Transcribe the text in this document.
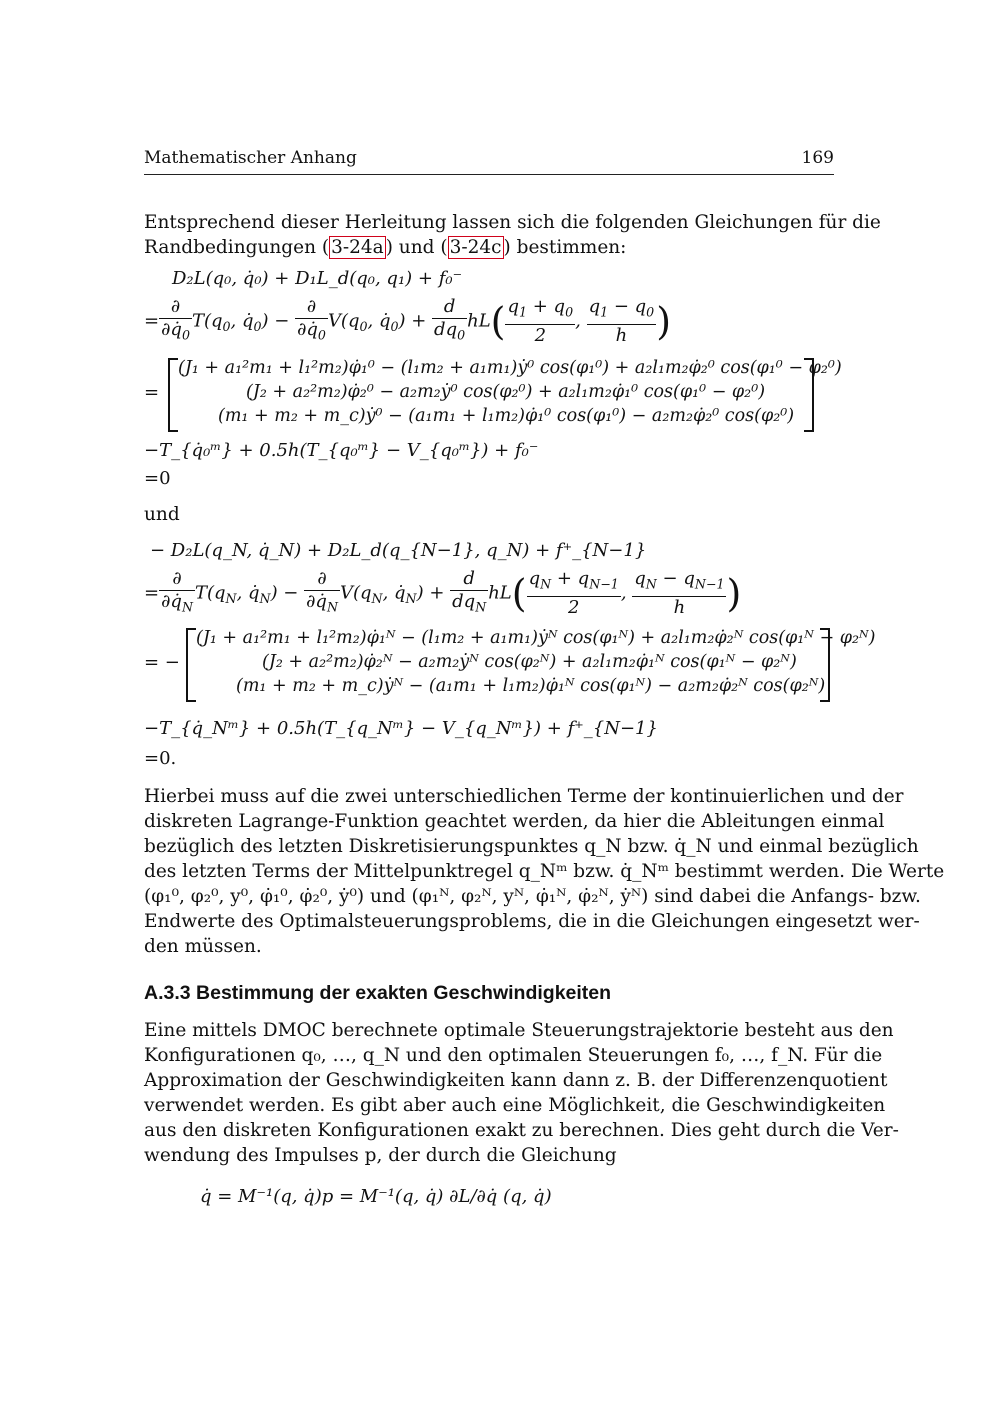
Mathematischer Anhang	169
Entsprechend dieser Herleitung lassen sich die folgenden Gleichungen für die
Randbedingungen ( 3-24a ) und ( 3-24c ) bestimmen:
D₂L(q₀, q̇₀) + D₁L_d(q₀, q₁) + f₀⁻
= $\frac{\partial}{\partial q̇_0} T(q_0$, $q̇_0) - \frac{\partial}{\partial q̇_0} V(q_0$, $q̇_0) + \frac{d}{dq_0} hL( \frac{q_1 + q_0}{2}$ , $\frac{q_1 - q_0}{h}$ )
=
(J₁ + a₁²m₁ + l₁²m₂)φ̇₁⁰ − (l₁m₂ + a₁m₁)ẏ⁰ cos(φ₁⁰) + a₂l₁m₂φ̇₂⁰ cos(φ₁⁰ − φ₂⁰)
(J₂ + a₂²m₂)φ̇₂⁰ − a₂m₂ẏ⁰ cos(φ₂⁰) + a₂l₁m₂φ̇₁⁰ cos(φ₁⁰ − φ₂⁰)
(m₁ + m₂ + m_c)ẏ⁰ − (a₁m₁ + l₁m₂)φ̇₁⁰ cos(φ₁⁰) − a₂m₂φ̇₂⁰ cos(φ₂⁰)
−T_{q̇₀ᵐ} + 0.5h(T_{q₀ᵐ} − V_{q₀ᵐ}) + f₀⁻
=0
und
− D₂L(q_N, q̇_N) + D₂L_d(q_{N−1}, q_N) + f⁺_{N−1}
= $\frac{\partial}{\partial q̇_N} T(q_N$, $q̇_N) - \frac{\partial}{\partial q̇_N} V(q_N$, $q̇_N) + \frac{d}{dq_N} hL( \frac{q_N + q_{N-1}}{2}$ , $\frac{q_N - q_{N-1}}{h}$ )
= −
(J₁ + a₁²m₁ + l₁²m₂)φ̇₁ᴺ − (l₁m₂ + a₁m₁)ẏᴺ cos(φ₁ᴺ) + a₂l₁m₂φ̇₂ᴺ cos(φ₁ᴺ − φ₂ᴺ)
(J₂ + a₂²m₂)φ̇₂ᴺ − a₂m₂ẏᴺ cos(φ₂ᴺ) + a₂l₁m₂φ̇₁ᴺ cos(φ₁ᴺ − φ₂ᴺ)
(m₁ + m₂ + m_c)ẏᴺ − (a₁m₁ + l₁m₂)φ̇₁ᴺ cos(φ₁ᴺ) − a₂m₂φ̇₂ᴺ cos(φ₂ᴺ)
−T_{q̇_Nᵐ} + 0.5h(T_{q_Nᵐ} − V_{q_Nᵐ}) + f⁺_{N−1}
=0.
Hierbei muss auf die zwei unterschiedlichen Terme der kontinuierlichen und der
diskreten Lagrange-Funktion geachtet werden, da hier die Ableitungen einmal
bezüglich des letzten Diskretisierungspunktes q_N bzw. q̇_N und einmal bezüglich
des letzten Terms der Mittelpunktregel q_Nᵐ bzw. q̇_Nᵐ bestimmt werden. Die Werte
(φ₁⁰, φ₂⁰, y⁰, φ̇₁⁰, φ̇₂⁰, ẏ⁰) und (φ₁ᴺ, φ₂ᴺ, yᴺ, φ̇₁ᴺ, φ̇₂ᴺ, ẏᴺ) sind dabei die Anfangs- bzw.
Endwerte des Optimalsteuerungsproblems, die in die Gleichungen eingesetzt wer-
den müssen.
A.3.3 Bestimmung der exakten Geschwindigkeiten
Eine mittels DMOC berechnete optimale Steuerungstrajektorie besteht aus den
Konfigurationen q₀, …, q_N und den optimalen Steuerungen f₀, …, f_N. Für die
Approximation der Geschwindigkeiten kann dann z. B. der Differenzenquotient
verwendet werden. Es gibt aber auch eine Möglichkeit, die Geschwindigkeiten
aus den diskreten Konfigurationen exakt zu berechnen. Dies geht durch die Ver-
wendung des Impulses p, der durch die Gleichung
q̇ = M⁻¹(q, q̇)p = M⁻¹(q, q̇) ∂L/∂q̇ (q, q̇)
